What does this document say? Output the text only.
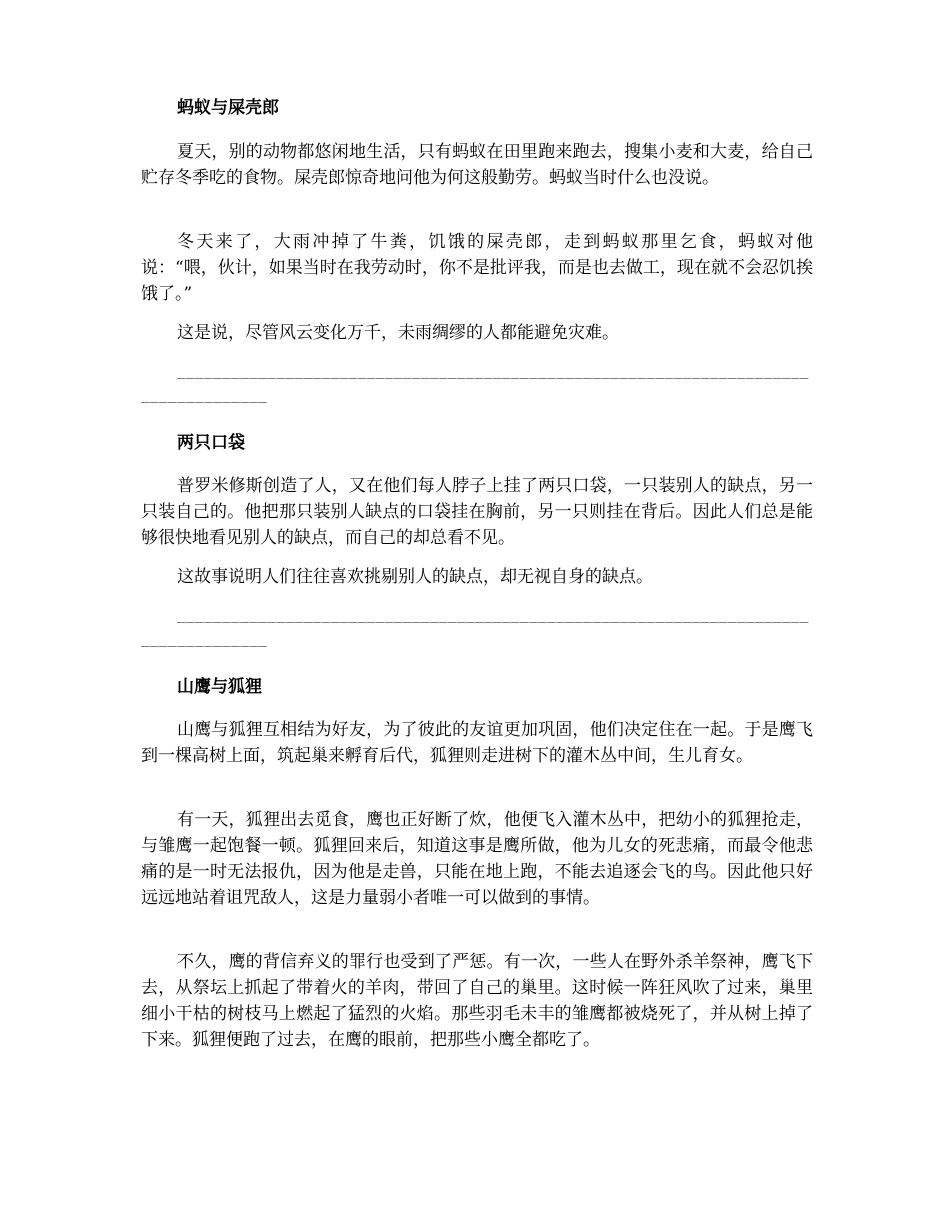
蚂蚁与屎壳郎

夏天，别的动物都悠闲地生活，只有蚂蚁在田里跑来跑去，搜集小麦和大麦，给自己贮存冬季吃的食物。屎壳郎惊奇地问他为何这般勤劳。蚂蚁当时什么也没说。

冬天来了，大雨冲掉了牛粪，饥饿的屎壳郎，走到蚂蚁那里乞食，蚂蚁对他说：“喂，伙计，如果当时在我劳动时，你不是批评我，而是也去做工，现在就不会忍饥挨饿了。”

这是说，尽管风云变化万千，未雨绸缪的人都能避免灾难。

____________________________________________________________________________________

两只口袋

普罗米修斯创造了人，又在他们每人脖子上挂了两只口袋，一只装别人的缺点，另一只装自己的。他把那只装别人缺点的口袋挂在胸前，另一只则挂在背后。因此人们总是能够很快地看见别人的缺点，而自己的却总看不见。

这故事说明人们往往喜欢挑剔别人的缺点，却无视自身的缺点。

____________________________________________________________________________________

山鹰与狐狸

山鹰与狐狸互相结为好友，为了彼此的友谊更加巩固，他们决定住在一起。于是鹰飞到一棵高树上面，筑起巢来孵育后代，狐狸则走进树下的灌木丛中间，生儿育女。

有一天，狐狸出去觅食，鹰也正好断了炊，他便飞入灌木丛中，把幼小的狐狸抢走，与雏鹰一起饱餐一顿。狐狸回来后，知道这事是鹰所做，他为儿女的死悲痛，而最令他悲痛的是一时无法报仇，因为他是走兽，只能在地上跑，不能去追逐会飞的鸟。因此他只好远远地站着诅咒敌人，这是力量弱小者唯一可以做到的事情。

不久，鹰的背信弃义的罪行也受到了严惩。有一次，一些人在野外杀羊祭神，鹰飞下去，从祭坛上抓起了带着火的羊肉，带回了自己的巢里。这时候一阵狂风吹了过来，巢里细小干枯的树枝马上燃起了猛烈的火焰。那些羽毛未丰的雏鹰都被烧死了，并从树上掉了下来。狐狸便跑了过去，在鹰的眼前，把那些小鹰全都吃了。
